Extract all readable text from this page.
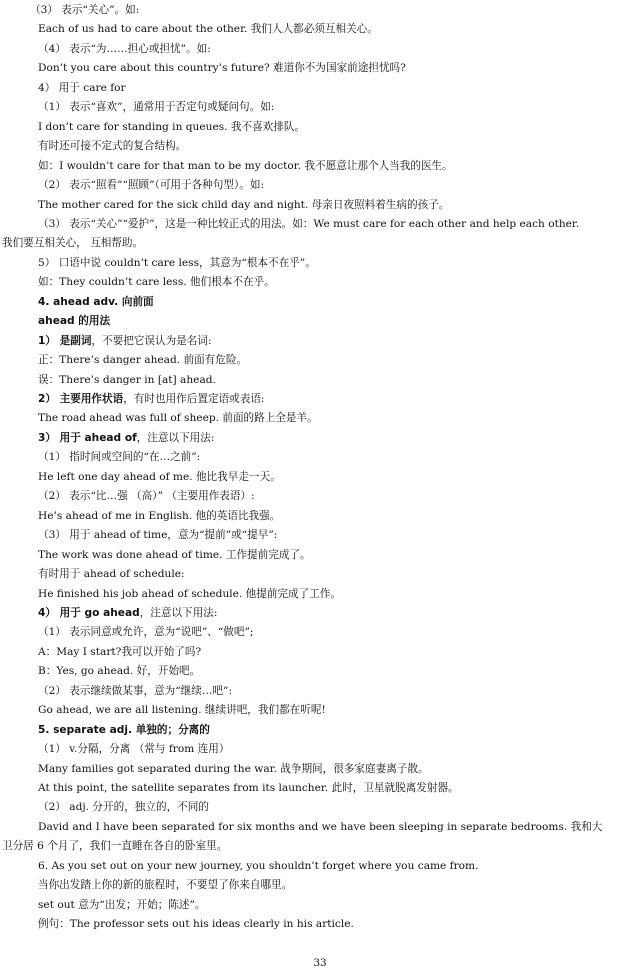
（3） 表示“关心”。如:
Each of us had to care about the other. 我们人人都必须互相关心。
（4） 表示“为……担心或担忧”。如:
Don’t you care about this country’s future? 难道你不为国家前途担忧吗?
4） 用于 care for
（1） 表示“喜欢”，通常用于否定句或疑问句。如:
I don’t care for standing in queues. 我不喜欢排队。
有时还可接不定式的复合结构。
如：I wouldn’t care for that man to be my doctor. 我不愿意让那个人当我的医生。
（2） 表示“照看”“照顾”（可用于各种句型）。如:
The mother cared for the sick child day and night. 母亲日夜照料着生病的孩子。
（3） 表示“关心”“爱护”，这是一种比较正式的用法。如：We must care for each other and help each other.
我们要互相关心， 互相帮助。
5） 口语中说 couldn’t care less，其意为“根本不在乎”。
如：They couldn’t care less. 他们根本不在乎。
4. ahead adv. 向前面
ahead 的用法
1） 是副词，不要把它误认为是名词:
正：There’s danger ahead. 前面有危险。
误：There’s danger in [at] ahead.
2） 主要用作状语，有时也用作后置定语或表语:
The road ahead was full of sheep. 前面的路上全是羊。
3） 用于 ahead of，注意以下用法:
（1） 指时间或空间的“在…之前”:
He left one day ahead of me. 他比我早走一天。
（2） 表示“比…强 （高）” （主要用作表语）:
He’s ahead of me in English. 他的英语比我强。
（3） 用于 ahead of time，意为“提前”或“提早”:
The work was done ahead of time. 工作提前完成了。
有时用于 ahead of schedule:
He finished his job ahead of schedule. 他提前完成了工作。
4） 用于 go ahead，注意以下用法:
（1） 表示同意或允许，意为“说吧”、“做吧”;
A：May I start?我可以开始了吗?
B：Yes, go ahead. 好，开始吧。
（2） 表示继续做某事，意为“继续…吧”:
Go ahead, we are all listening. 继续讲吧，我们都在听呢!
5. separate adj. 单独的；分离的
（1） v.分隔，分离 （常与 from 连用）
Many families got separated during the war. 战争期间，很多家庭妻离子散。
At this point, the satellite separates from its launcher. 此时，卫星就脱离发射器。
（2） adj. 分开的，独立的，不同的
David and I have been separated for six months and we have been sleeping in separate bedrooms. 我和大
卫分居 6 个月了，我们一直睡在各自的卧室里。
6. As you set out on your new journey, you shouldn’t forget where you came from.
当你出发踏上你的新的旅程时，不要望了你来自哪里。
set out 意为“出发；开始；陈述”。
例句：The professor sets out his ideas clearly in his article.
33
